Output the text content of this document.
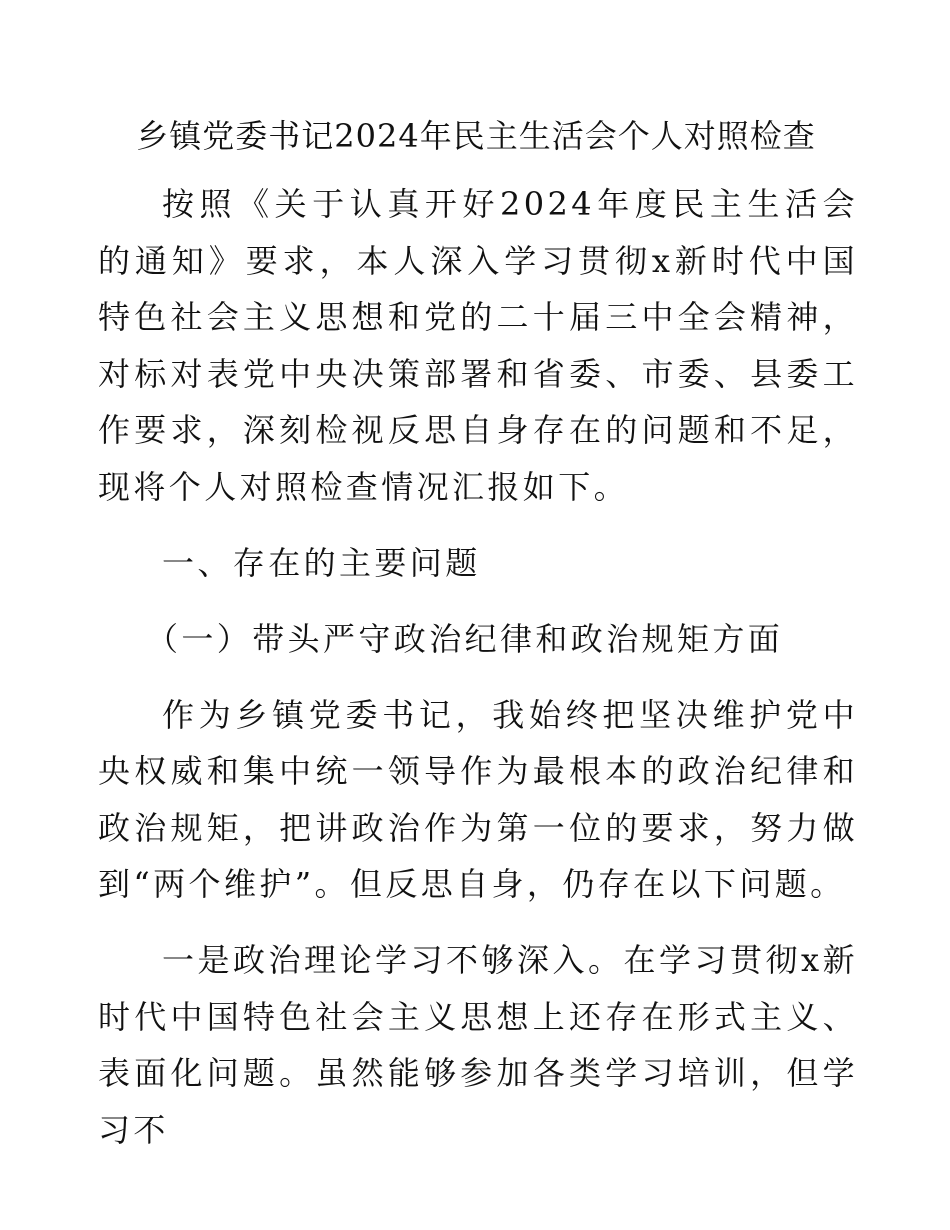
乡镇党委书记2024年民主生活会个人对照检查

按照《关于认真开好2024年度民主生活会的通知》要求，本人深入学习贯彻x新时代中国特色社会主义思想和党的二十届三中全会精神，对标对表党中央决策部署和省委、市委、县委工作要求，深刻检视反思自身存在的问题和不足，现将个人对照检查情况汇报如下。

一、存在的主要问题

（一）带头严守政治纪律和政治规矩方面

作为乡镇党委书记，我始终把坚决维护党中央权威和集中统一领导作为最根本的政治纪律和政治规矩，把讲政治作为第一位的要求，努力做到“两个维护”。但反思自身，仍存在以下问题。

一是政治理论学习不够深入。在学习贯彻x新时代中国特色社会主义思想上还存在形式主义、表面化问题。虽然能够参加各类学习培训，但学习不
